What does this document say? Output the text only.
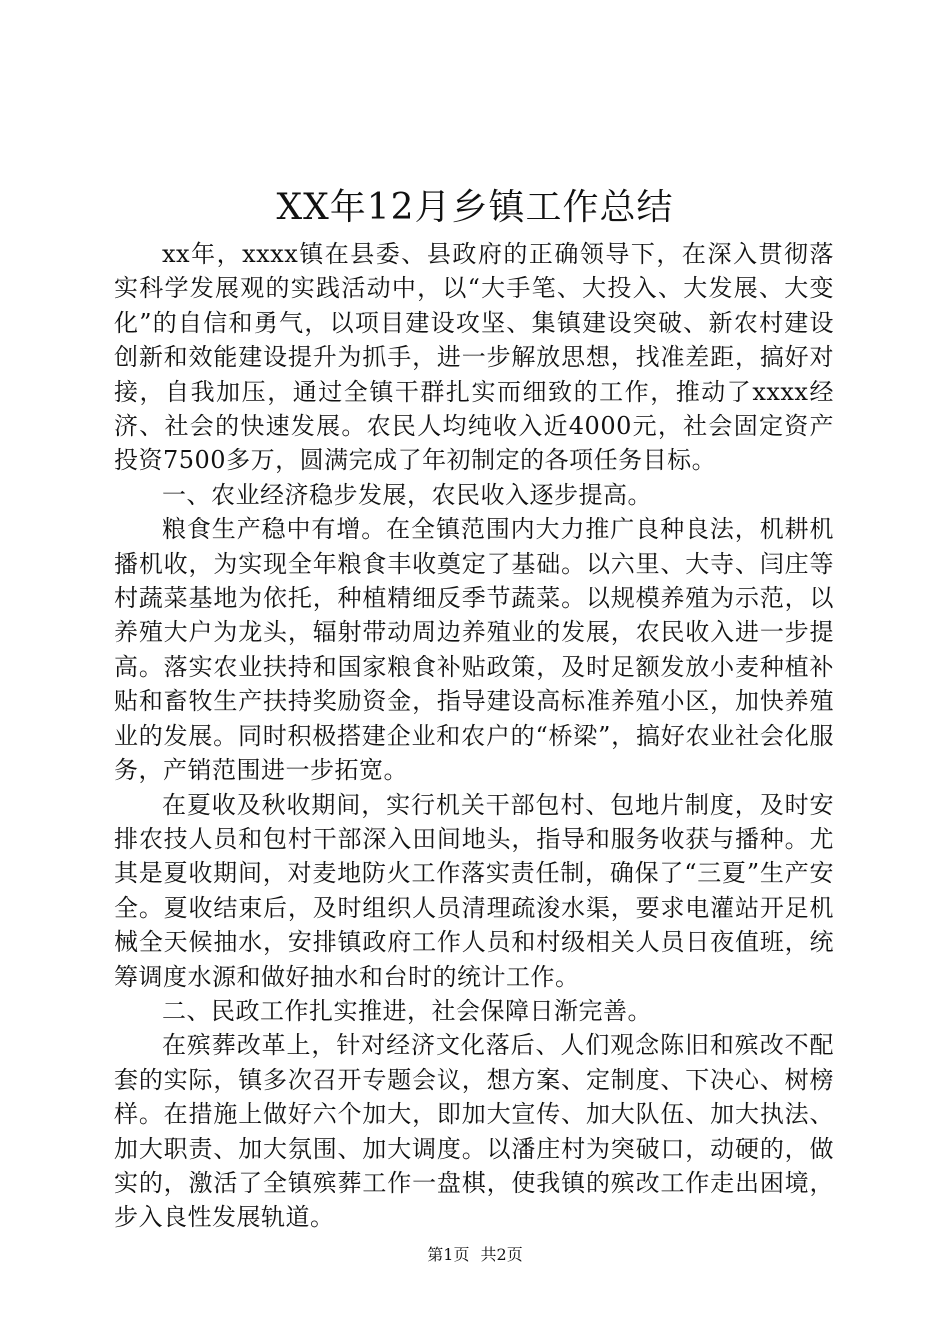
XX年12月乡镇工作总结

xx年，xxxx镇在县委、县政府的正确领导下，在深入贯彻落实科学发展观的实践活动中，以“大手笔、大投入、大发展、大变化”的自信和勇气，以项目建设攻坚、集镇建设突破、新农村建设创新和效能建设提升为抓手，进一步解放思想，找准差距，搞好对接，自我加压，通过全镇干群扎实而细致的工作，推动了xxxx经济、社会的快速发展。农民人均纯收入近4000元，社会固定资产投资7500多万，圆满完成了年初制定的各项任务目标。

一、农业经济稳步发展，农民收入逐步提高。

粮食生产稳中有增。在全镇范围内大力推广良种良法，机耕机播机收，为实现全年粮食丰收奠定了基础。以六里、大寺、闫庄等村蔬菜基地为依托，种植精细反季节蔬菜。以规模养殖为示范，以养殖大户为龙头，辐射带动周边养殖业的发展，农民收入进一步提高。落实农业扶持和国家粮食补贴政策，及时足额发放小麦种植补贴和畜牧生产扶持奖励资金，指导建设高标准养殖小区，加快养殖业的发展。同时积极搭建企业和农户的“桥梁”，搞好农业社会化服务，产销范围进一步拓宽。

在夏收及秋收期间，实行机关干部包村、包地片制度，及时安排农技人员和包村干部深入田间地头，指导和服务收获与播种。尤其是夏收期间，对麦地防火工作落实责任制，确保了“三夏”生产安全。夏收结束后，及时组织人员清理疏浚水渠，要求电灌站开足机械全天候抽水，安排镇政府工作人员和村级相关人员日夜值班，统筹调度水源和做好抽水和台时的统计工作。

二、民政工作扎实推进，社会保障日渐完善。

在殡葬改革上，针对经济文化落后、人们观念陈旧和殡改不配套的实际，镇多次召开专题会议，想方案、定制度、下决心、树榜样。在措施上做好六个加大，即加大宣传、加大队伍、加大执法、加大职责、加大氛围、加大调度。以潘庄村为突破口，动硬的，做实的，激活了全镇殡葬工作一盘棋，使我镇的殡改工作走出困境，步入良性发展轨道。

第1页 共2页
